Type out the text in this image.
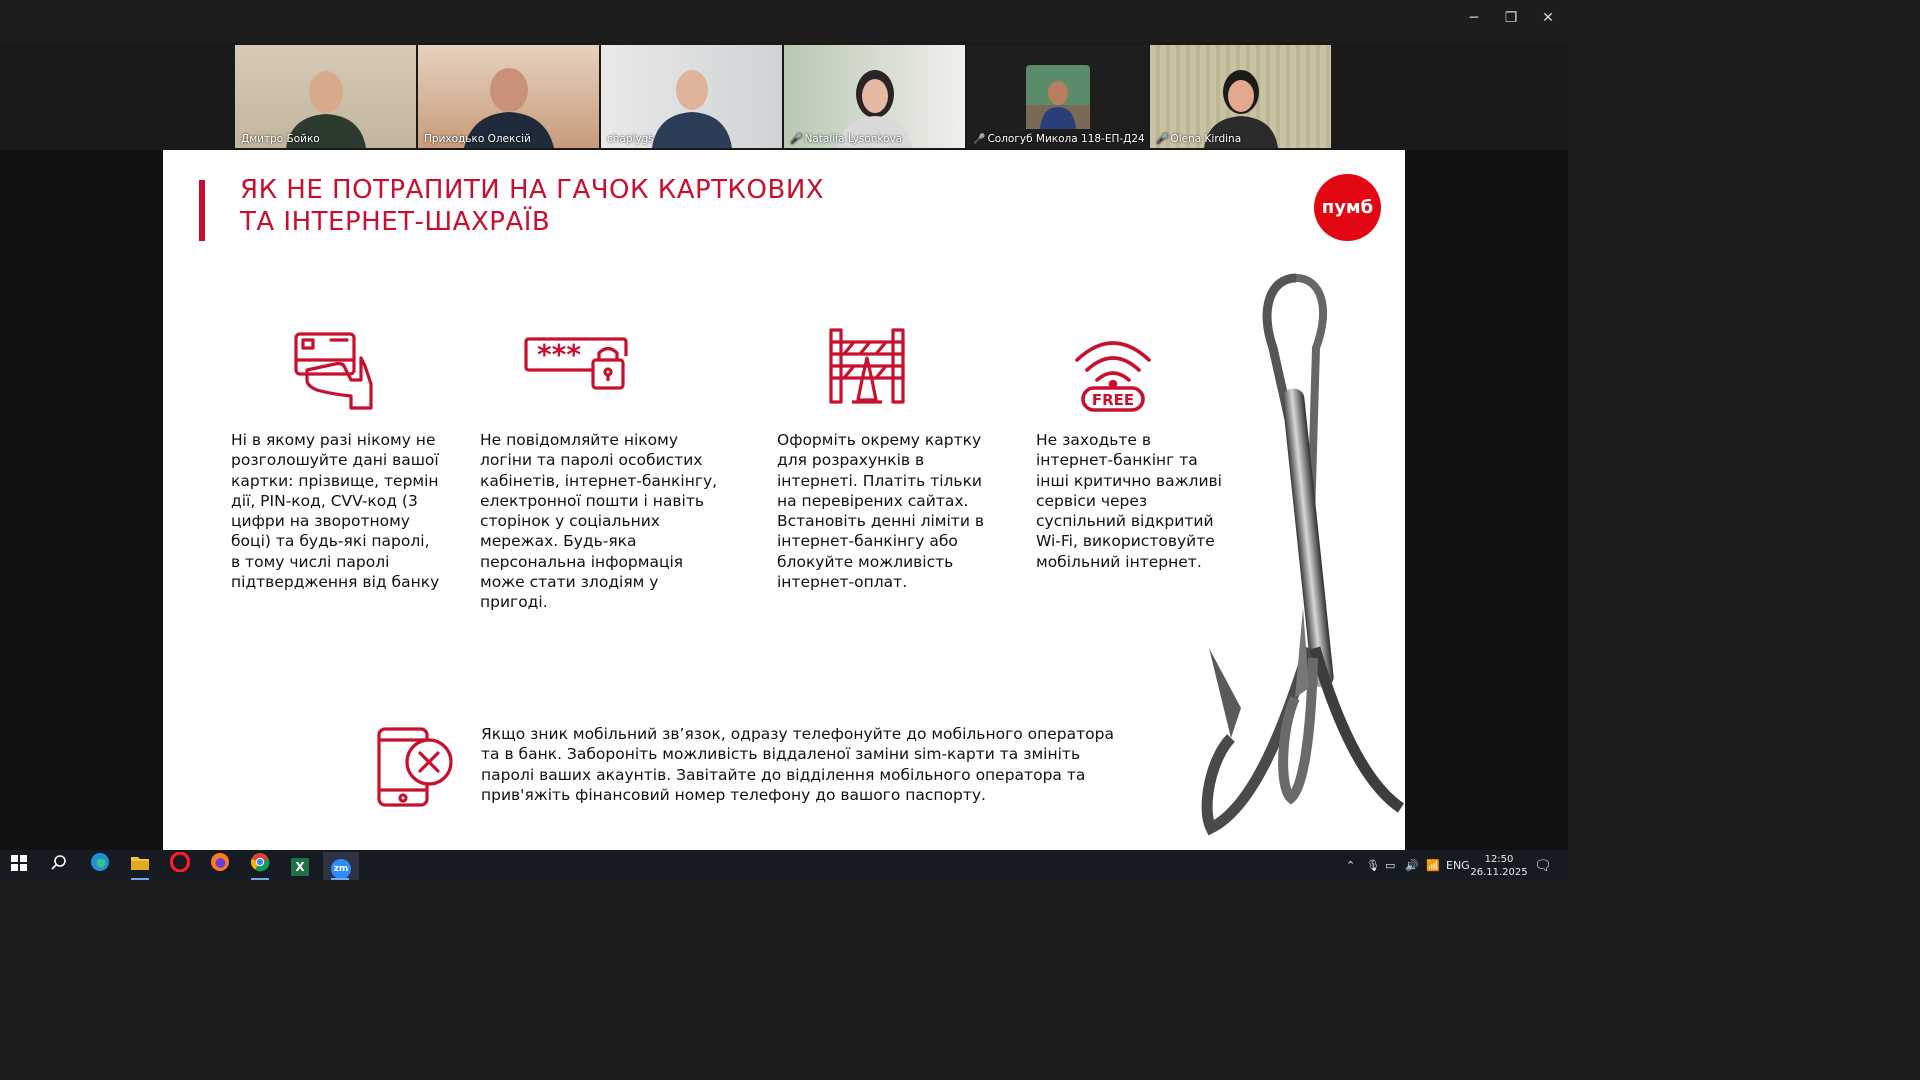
─	❐	✕
Дмитро Бойко	Приходько Олексій	chaplygs	🎤 Nataliia Lysonkova	🎤 Сологуб Микола 118-ЕП-Д24 🎤 Olena Kirdina
ЯК НЕ ПОТРАПИТИ НА ГАЧОК КАРТКОВИХ
ТА ІНТЕРНЕТ-ШАХРАЇВ	пумб
***
FREE
Ні в якому разі нікому не розголошуйте дані вашої картки: прізвище, термін дії, PIN-код, CVV-код (3 цифри на зворотному боці) та будь-які паролі, в тому числі паролі підтвердження від банку
Не повідомляйте нікому логіни та паролі особистих кабінетів, інтернет-банкінгу, електронної пошти і навіть сторінок у соціальних мережах. Будь-яка персональна інформація може стати злодіям у пригоді.
Оформіть окрему картку для розрахунків в інтернеті. Платіть тільки на перевірених сайтах. Встановіть денні ліміти в інтернет-банкінгу або блокуйте можливість інтернет-оплат.
Не заходьте в інтернет-банкінг та інші критично важливі сервіси через суспільний відкритий Wi-Fi, використовуйте мобільний інтернет.
Якщо зник мобільний зв’язок, одразу телефонуйте до мобільного оператора та в банк. Забороніть можливість віддаленої заміни sim-карти та змініть паролі ваших акаунтів. Завітайте до відділення мобільного оператора та прив'яжіть фінансовий номер телефону до вашого паспорту.
X	zm	⌃ 🎙 ▭ 🔊 📶 ENG	12:50
26.11.2025 🗨
